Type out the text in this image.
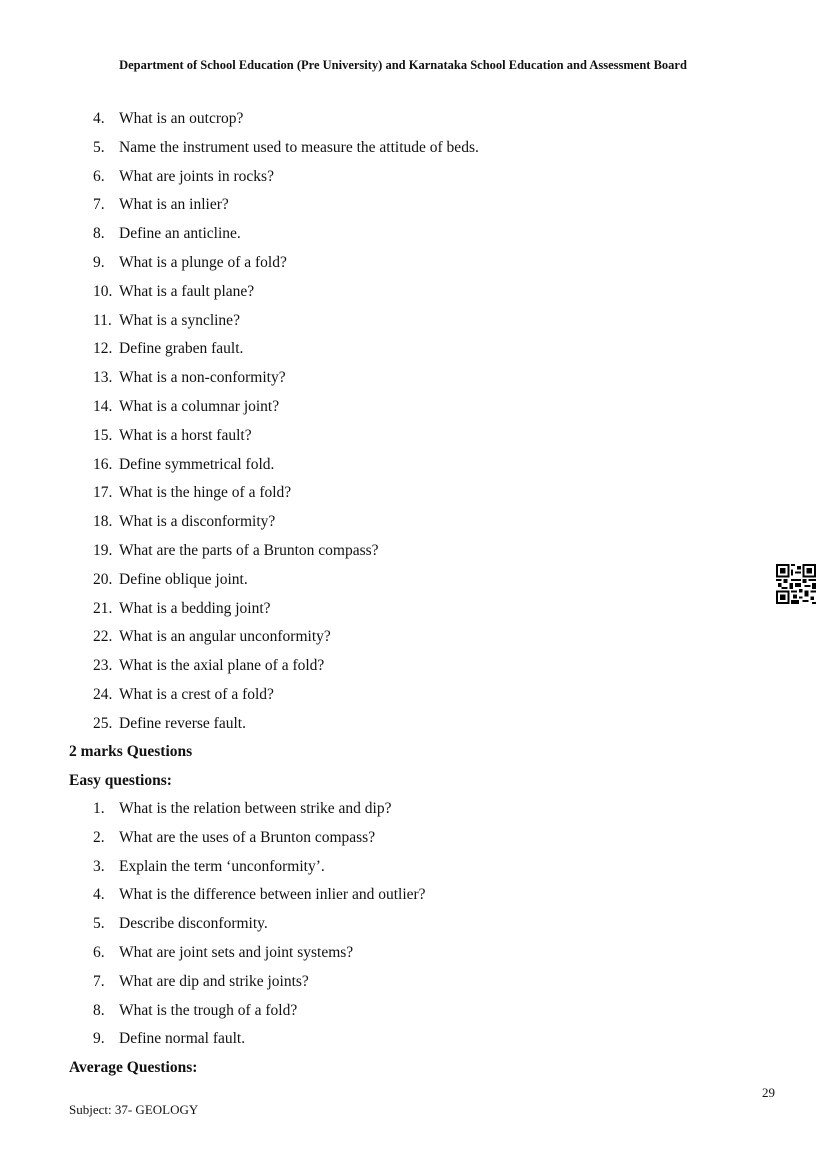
Department of School Education (Pre University) and Karnataka School Education and Assessment Board
4. What is an outcrop?
5. Name the instrument used to measure the attitude of beds.
6. What are joints in rocks?
7. What is an inlier?
8. Define an anticline.
9. What is a plunge of a fold?
10. What is a fault plane?
11. What is a syncline?
12. Define graben fault.
13. What is a non-conformity?
14. What is a columnar joint?
15. What is a horst fault?
16. Define symmetrical fold.
17. What is the hinge of a fold?
18. What is a disconformity?
19. What are the parts of a Brunton compass?
20. Define oblique joint.
21. What is a bedding joint?
22. What is an angular unconformity?
23. What is the axial plane of a fold?
24. What is a crest of a fold?
25. Define reverse fault.
2 marks Questions
Easy questions:
1. What is the relation between strike and dip?
2. What are the uses of a Brunton compass?
3. Explain the term ‘unconformity’.
4. What is the difference between inlier and outlier?
5. Describe disconformity.
6. What are joint sets and joint systems?
7. What are dip and strike joints?
8. What is the trough of a fold?
9. Define normal fault.
Average Questions:
29
Subject: 37- GEOLOGY
